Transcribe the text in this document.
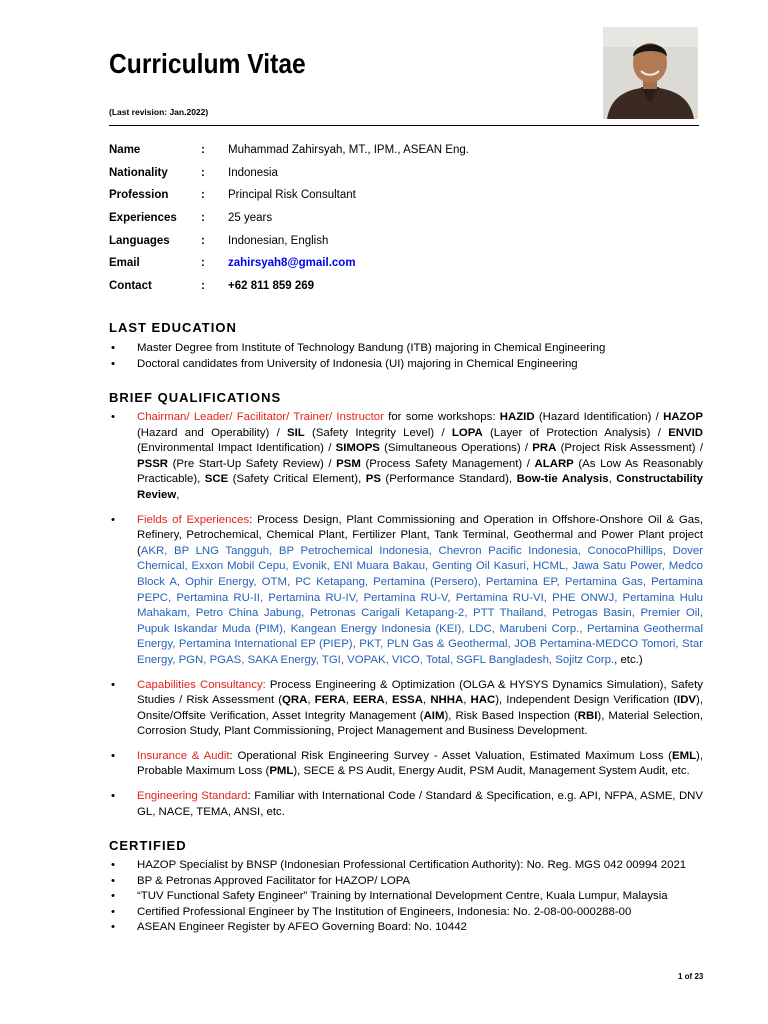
Curriculum Vitae
(Last revision: Jan.2022)
Name	:	Muhammad Zahirsyah, MT., IPM., ASEAN Eng.
Nationality	:	Indonesia
Profession	:	Principal Risk Consultant
Experiences	:	25 years
Languages	:	Indonesian, English
Email	:	zahirsyah8@gmail.com
Contact	:	+62 811 859 269
LAST EDUCATION
• Master Degree from Institute of Technology Bandung (ITB) majoring in Chemical Engineering
• Doctoral candidates from University of Indonesia (UI) majoring in Chemical Engineering
BRIEF QUALIFICATIONS
• Chairman/ Leader/ Facilitator/ Trainer/ Instructor for some workshops: HAZID (Hazard Identification) / HAZOP (Hazard and Operability) / SIL (Safety Integrity Level) / LOPA (Layer of Protection Analysis) / ENVID (Environmental Impact Identification) / SIMOPS (Simultaneous Operations) / PRA (Project Risk Assessment) / PSSR (Pre Start-Up Safety Review) / PSM (Process Safety Management) / ALARP (As Low As Reasonably Practicable), SCE (Safety Critical Element), PS (Performance Standard), Bow-tie Analysis, Constructability Review,
• Fields of Experiences: Process Design, Plant Commissioning and Operation in Offshore-Onshore Oil & Gas, Refinery, Petrochemical, Chemical Plant, Fertilizer Plant, Tank Terminal, Geothermal and Power Plant project (AKR, BP LNG Tangguh, BP Petrochemical Indonesia, Chevron Pacific Indonesia, ConocoPhillips, Dover Chemical, Exxon Mobil Cepu, Evonik, ENI Muara Bakau, Genting Oil Kasuri, HCML, Jawa Satu Power, Medco Block A, Ophir Energy, OTM, PC Ketapang, Pertamina (Persero), Pertamina EP, Pertamina Gas, Pertamina PEPC, Pertamina RU-II, Pertamina RU-IV, Pertamina RU-V, Pertamina RU-VI, PHE ONWJ, Pertamina Hulu Mahakam, Petro China Jabung, Petronas Carigali Ketapang-2, PTT Thailand, Petrogas Basin, Premier Oil, Pupuk Iskandar Muda (PIM), Kangean Energy Indonesia (KEI), LDC, Marubeni Corp., Pertamina Geothermal Energy, Pertamina International EP (PIEP), PKT, PLN Gas & Geothermal, JOB Pertamina-MEDCO Tomori, Star Energy, PGN, PGAS, SAKA Energy, TGI, VOPAK, VICO, Total, SGFL Bangladesh, Sojitz Corp., etc.)
• Capabilities Consultancy: Process Engineering & Optimization (OLGA & HYSYS Dynamics Simulation), Safety Studies / Risk Assessment (QRA, FERA, EERA, ESSA, NHHA, HAC), Independent Design Verification (IDV), Onsite/Offsite Verification, Asset Integrity Management (AIM), Risk Based Inspection (RBI), Material Selection, Corrosion Study, Plant Commissioning, Project Management and Business Development.
• Insurance & Audit: Operational Risk Engineering Survey - Asset Valuation, Estimated Maximum Loss (EML), Probable Maximum Loss (PML), SECE & PS Audit, Energy Audit, PSM Audit, Management System Audit, etc.
• Engineering Standard: Familiar with International Code / Standard & Specification, e.g. API, NFPA, ASME, DNV GL, NACE, TEMA, ANSI, etc.
CERTIFIED
• HAZOP Specialist by BNSP (Indonesian Professional Certification Authority): No. Reg. MGS 042 00994 2021
• BP & Petronas Approved Facilitator for HAZOP/ LOPA
• “TUV Functional Safety Engineer” Training by International Development Centre, Kuala Lumpur, Malaysia
• Certified Professional Engineer by The Institution of Engineers, Indonesia: No. 2-08-00-000288-00
• ASEAN Engineer Register by AFEO Governing Board: No. 10442
1 of 23
